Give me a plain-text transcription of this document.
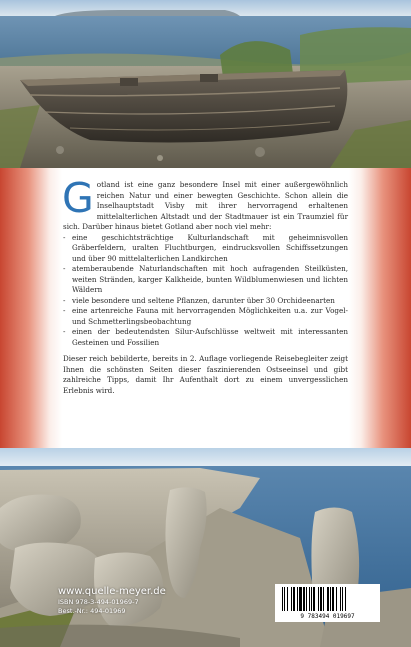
Gotland ist eine ganz besondere Insel mit einer außergewöhnlich reichen Natur und einer bewegten Geschichte. Schon allein die Inselhauptstadt Visby mit ihrer hervorragend erhaltenen mittelalterlichen Altstadt und der Stadtmauer ist ein Traumziel für sich. Darüber hinaus bietet Gotland aber noch viel mehr:

- eine geschichtsträchtige Kulturlandschaft mit geheimnisvollen Gräberfeldern, uralten Fluchtburgen, eindrucksvollen Schiffssetzungen und über 90 mittelalterlichen Landkirchen
- atemberaubende Naturlandschaften mit hoch aufragenden Steilküsten, weiten Stränden, karger Kalkheide, bunten Wildblumenwiesen und lichten Wäldern
- viele besondere und seltene Pflanzen, darunter über 30 Orchideenarten
- eine artenreiche Fauna mit hervorragenden Möglichkeiten u.a. zur Vogel- und Schmetterlingsbeobachtung
- einen der bedeutendsten Silur-Aufschlüsse weltweit mit interessanten Gesteinen und Fossilien

Dieser reich bebilderte, bereits in 2. Auflage vorliegende Reisebegleiter zeigt Ihnen die schönsten Seiten dieser faszinierenden Ostseeinsel und gibt zahlreiche Tipps, damit Ihr Aufenthalt dort zu einem unvergesslichen Erlebnis wird.

www.quelle-meyer.de
ISBN 978-3-494-01969-7
Best.-Nr.: 494-01969
9 783494 019697
